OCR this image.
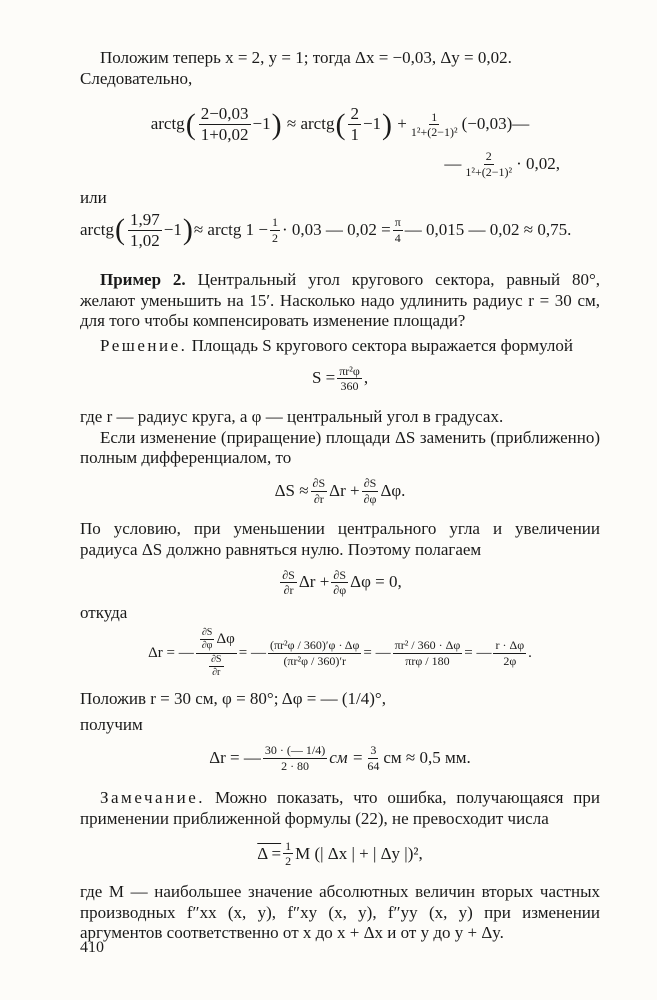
Положим теперь x = 2, y = 1; тогда Δx = −0,03, Δy = 0,02.

Следовательно,

arctg ( $\frac{2-0,03}{1+0,02} -1$ ) ≈ arctg ( $\frac{2}{1} -1$ ) + $\frac{1}{\text{1²+(2−1)²}}$ (−0,03)—
— $\frac{2}{\text{1²+(2−1)²}} \cdot 0,02$,

или

arctg ( $\frac{1,97}{1,02} -1$ ) ≈ arctg $1 - \frac{1}{2} \cdot 0,03$ — $0,02 = \frac{\pi}{4}$ — 0,015 — 0,02 ≈ 0,75.

Пример 2. Центральный угол кругового сектора, равный 80°, желают уменьшить на 15′. Насколько надо удлинить радиус r = 30 см, для того чтобы компенсировать изменение площади?

Решение. Площадь S кругового сектора выражается формулой

$S = \frac{\text{πr²φ}}{360}$ ,

где r — радиус круга, а φ — центральный угол в градусах.

Если изменение (приращение) площади ΔS заменить (приближенно) полным дифференциалом, то

$\Delta S \approx \frac{\partial S}{\partial r}$ $\Delta r + \frac{\partial S}{\partial\varphi} \Delta\varphi$.

По условию, при уменьшении центрального угла и увеличении радиуса ΔS должно равняться нулю. Поэтому полагаем

$\frac{\partial S}{\partial r}$ $\Delta r + \frac{\partial S}{\partial\varphi}$ Δφ = 0,

откуда

Δr = — $\frac{\frac{\partial S}{\partial\varphi} \Delta\varphi}{\frac{\partial S}{\partial r}}$ = — $\frac{\text{(πr²φ / 360)′φ · Δφ}}{\text{(πr²φ / 360)′r}}$ = — $\frac{\text{πr² / 360 · Δφ}}{\text{πrφ / 180}}$ = — $\frac{r \cdot \Delta\varphi}{2\varphi}$ .

Положив r = 30 см, φ = 80°; Δφ = — (1/4)°,

получим

Δr = — $\frac{30 \cdot (— 1/4)}{2 \cdot 80}$ см = $\frac{3}{64}$ см ≈ 0,5 мм.

Замечание. Можно показать, что ошибка, получающаяся при применении приближенной формулы (22), не превосходит числа

$\Delta = \frac{1}{2}$ M (| Δx | + | Δy |)²,

где M — наибольшее значение абсолютных величин вторых частных производных f″xx (x, y), f″xy (x, y), f″yy (x, y) при изменении аргументов соответственно от x до x + Δx и от y до y + Δy.

410
